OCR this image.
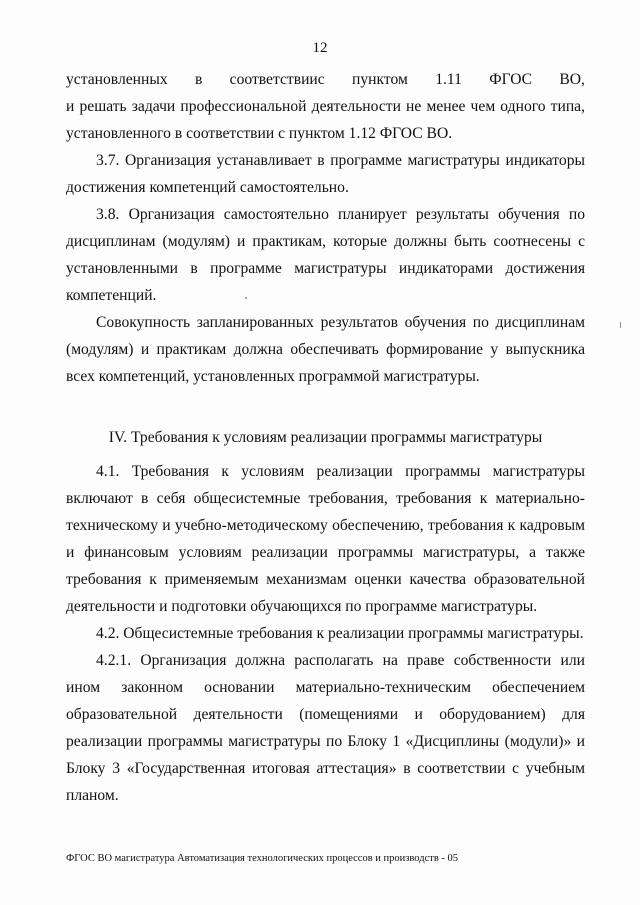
12
установленных в соответствиис пунктом 1.11 ФГОС ВО,

и решать задачи профессиональной деятельности не менее чем одного типа, установленного в соответствии с пунктом 1.12 ФГОС ВО.

3.7. Организация устанавливает в программе магистратуры индикаторы достижения компетенций самостоятельно.

3.8. Организация самостоятельно планирует результаты обучения по дисциплинам (модулям) и практикам, которые должны быть соотнесены с установленными в программе магистратуры индикаторами достижения компетенций.

Совокупность запланированных результатов обучения по дисциплинам (модулям) и практикам должна обеспечивать формирование у выпускника всех компетенций, установленных программой магистратуры.

IV. Требования к условиям реализации программы магистратуры

4.1. Требования к условиям реализации программы магистратуры включают в себя общесистемные требования, требования к материально-техническому и учебно-методическому обеспечению, требования к кадровым и финансовым условиям реализации программы магистратуры, а также требования к применяемым механизмам оценки качества образовательной деятельности и подготовки обучающихся по программе магистратуры.

4.2. Общесистемные требования к реализации программы магистратуры.

4.2.1. Организация должна располагать на праве собственности или ином законном основании материально-техническим обеспечением образовательной деятельности (помещениями и оборудованием) для реализации программы магистратуры по Блоку 1 «Дисциплины (модули)» и Блоку 3 «Государственная итоговая аттестация» в соответствии с учебным планом.

ФГОС ВО магистратура Автоматизация технологических процессов и производств - 05
